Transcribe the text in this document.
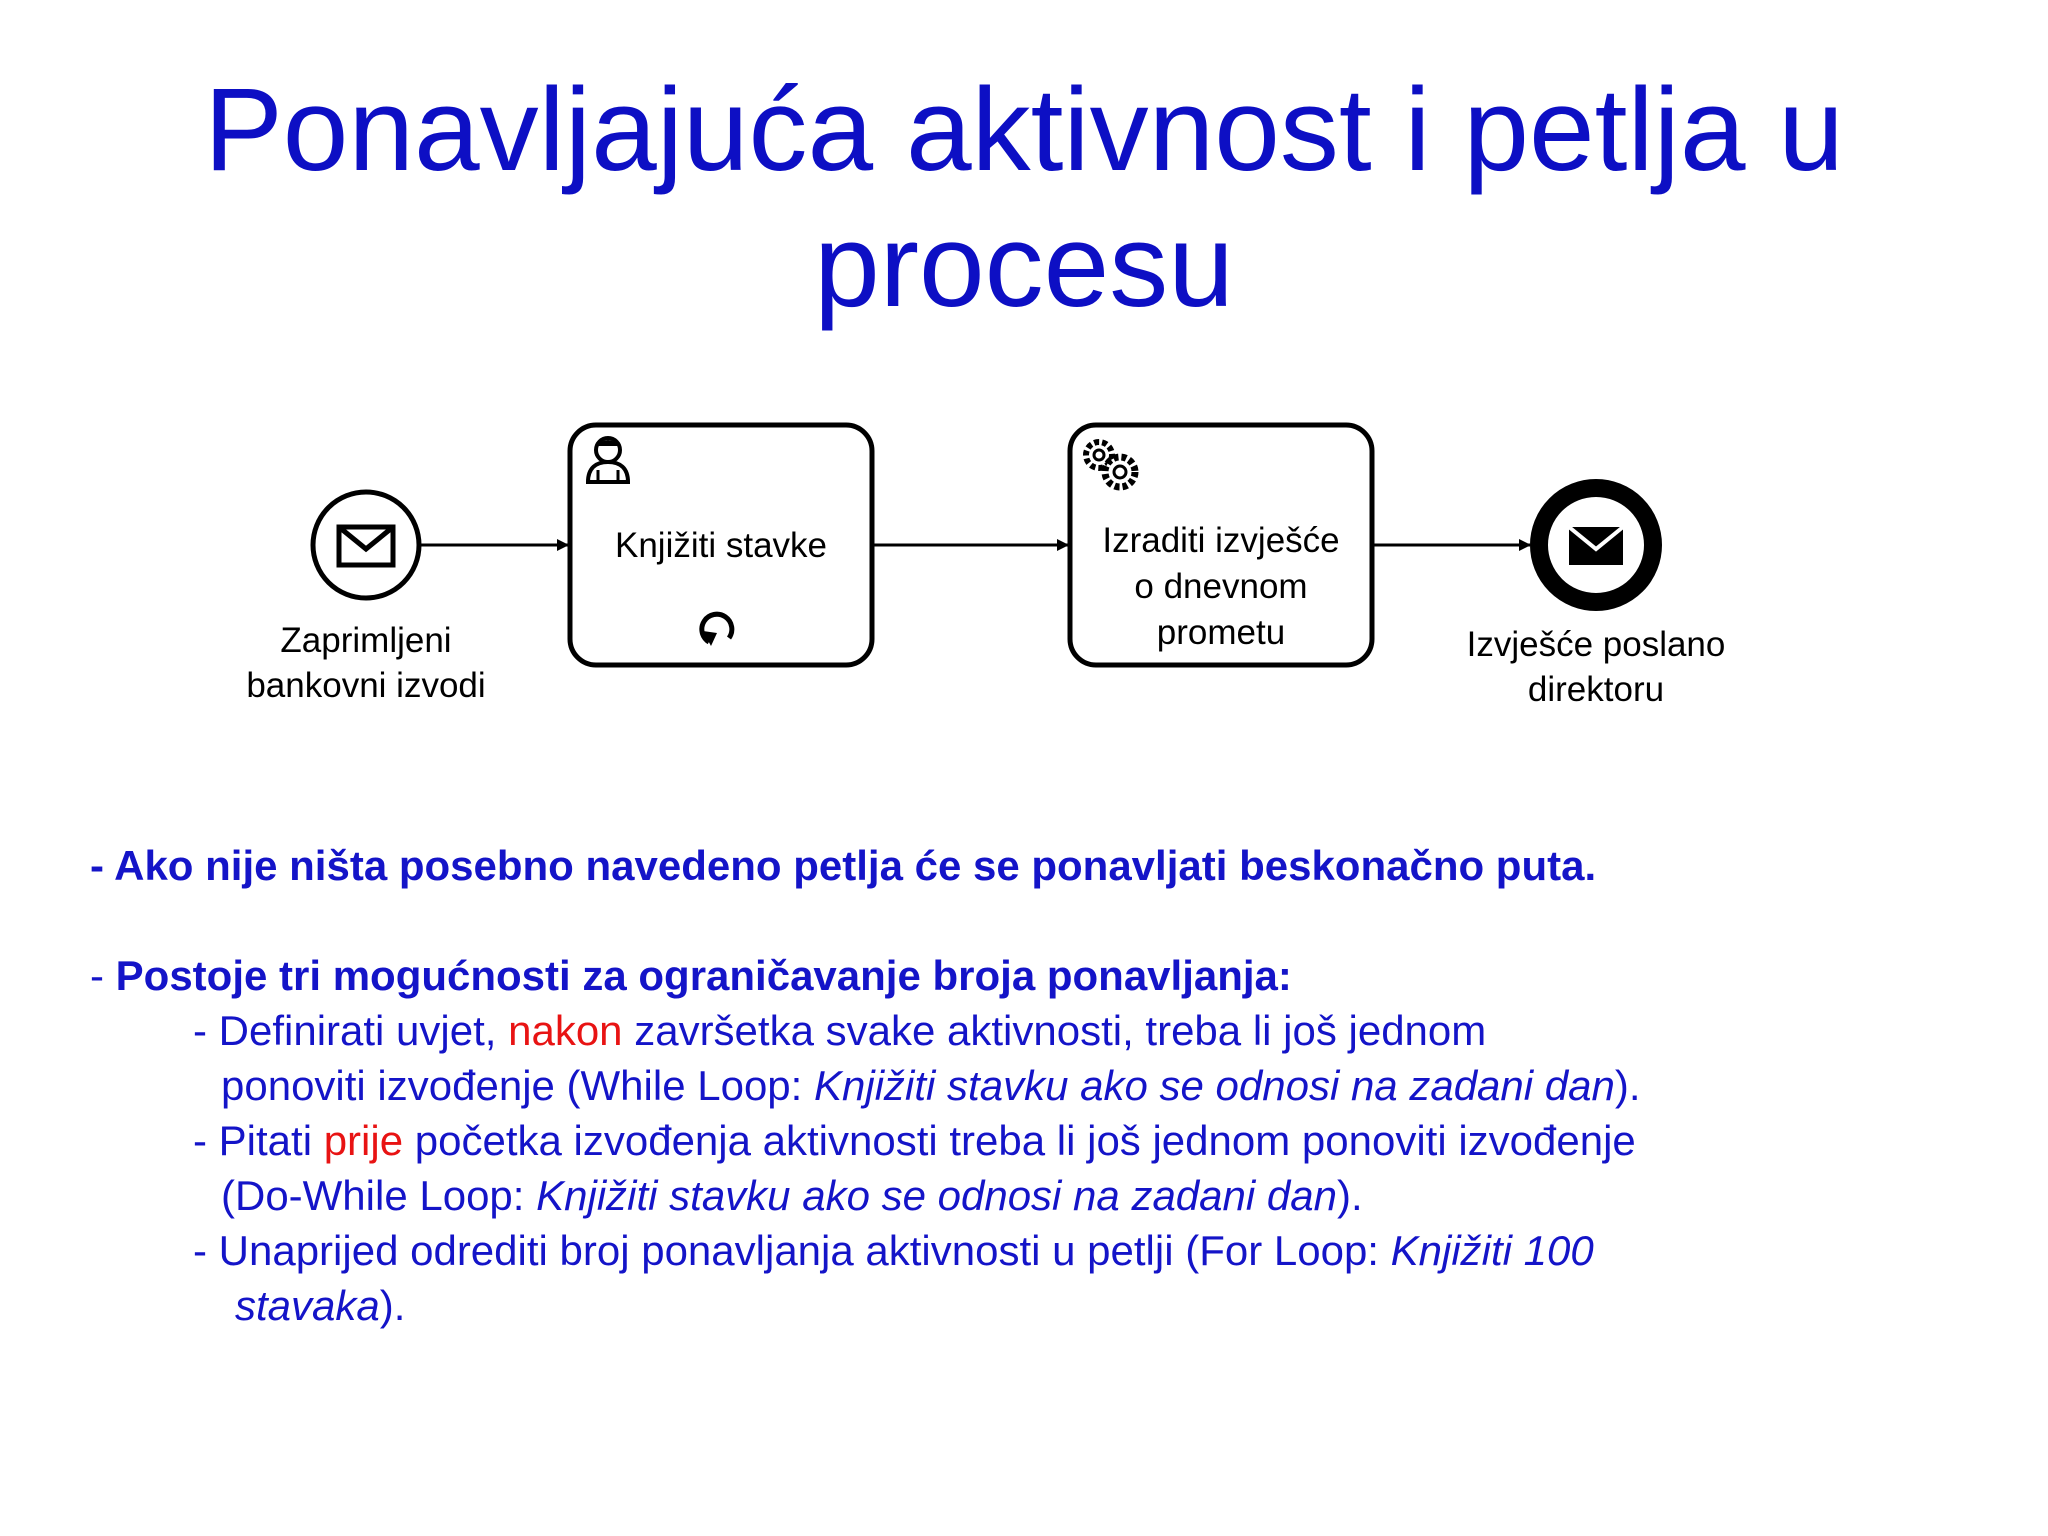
Ponavljajuća aktivnost i petlja u
procesu
Zaprimljeni
bankovni izvodi
Knjižiti stavke	Izraditi izvješće
o dnevnom
prometu	Izvješće poslano
direktoru
- Ako nije ništa posebno navedeno petlja će se ponavljati beskonačno puta.
- Postoje tri mogućnosti za ograničavanje broja ponavljanja:
- Definirati uvjet, nakon završetka svake aktivnosti, treba li još jednom
ponoviti izvođenje (While Loop: Knjižiti stavku ako se odnosi na zadani dan).
- Pitati prije početka izvođenja aktivnosti treba li još jednom ponoviti izvođenje
(Do-While Loop: Knjižiti stavku ako se odnosi na zadani dan).
- Unaprijed odrediti broj ponavljanja aktivnosti u petlji (For Loop: Knjižiti 100
stavaka).
